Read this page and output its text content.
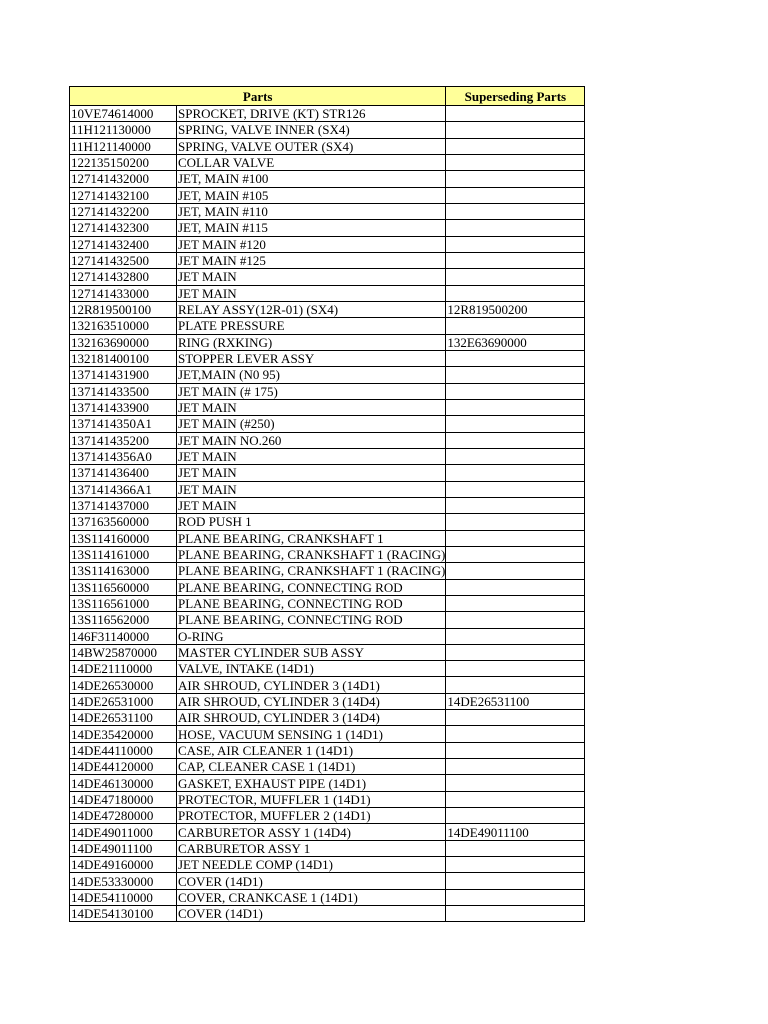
Parts		Superseding Parts
10VE74614000	SPROCKET, DRIVE (KT) STR126	
11H121130000	SPRING, VALVE INNER (SX4)	
11H121140000	SPRING, VALVE OUTER (SX4)	
122135150200	COLLAR VALVE	
127141432000	JET, MAIN #100	
127141432100	JET, MAIN #105	
127141432200	JET, MAIN #110	
127141432300	JET, MAIN #115	
127141432400	JET MAIN #120	
127141432500	JET MAIN #125	
127141432800	JET MAIN	
127141433000	JET MAIN	
12R819500100	RELAY ASSY(12R-01) (SX4)	12R819500200
132163510000	PLATE PRESSURE	
132163690000	RING (RXKING)	132E63690000
132181400100	STOPPER LEVER ASSY	
137141431900	JET,MAIN (N0 95)	
137141433500	JET MAIN (# 175)	
137141433900	JET MAIN	
1371414350A1	JET MAIN (#250)	
137141435200	JET MAIN NO.260	
1371414356A0	JET MAIN	
137141436400	JET MAIN	
1371414366A1	JET MAIN	
137141437000	JET MAIN	
137163560000	ROD PUSH 1	
13S114160000	PLANE BEARING, CRANKSHAFT 1	
13S114161000	PLANE BEARING, CRANKSHAFT 1 (RACING)	
13S114163000	PLANE BEARING, CRANKSHAFT 1 (RACING)	
13S116560000	PLANE BEARING, CONNECTING ROD	
13S116561000	PLANE BEARING, CONNECTING ROD	
13S116562000	PLANE BEARING, CONNECTING ROD	
146F31140000	O-RING	
14BW25870000	MASTER CYLINDER SUB ASSY	
14DE21110000	VALVE, INTAKE (14D1)	
14DE26530000	AIR SHROUD, CYLINDER 3 (14D1)	
14DE26531000	AIR SHROUD, CYLINDER 3 (14D4)	14DE26531100
14DE26531100	AIR SHROUD, CYLINDER 3 (14D4)	
14DE35420000	HOSE, VACUUM SENSING 1 (14D1)	
14DE44110000	CASE, AIR CLEANER 1 (14D1)	
14DE44120000	CAP, CLEANER CASE 1 (14D1)	
14DE46130000	GASKET, EXHAUST PIPE (14D1)	
14DE47180000	PROTECTOR, MUFFLER 1 (14D1)	
14DE47280000	PROTECTOR, MUFFLER 2 (14D1)	
14DE49011000	CARBURETOR ASSY 1 (14D4)	14DE49011100
14DE49011100	CARBURETOR ASSY 1	
14DE49160000	JET NEEDLE COMP (14D1)	
14DE53330000	COVER (14D1)	
14DE54110000	COVER, CRANKCASE 1 (14D1)	
14DE54130100	COVER (14D1)	
